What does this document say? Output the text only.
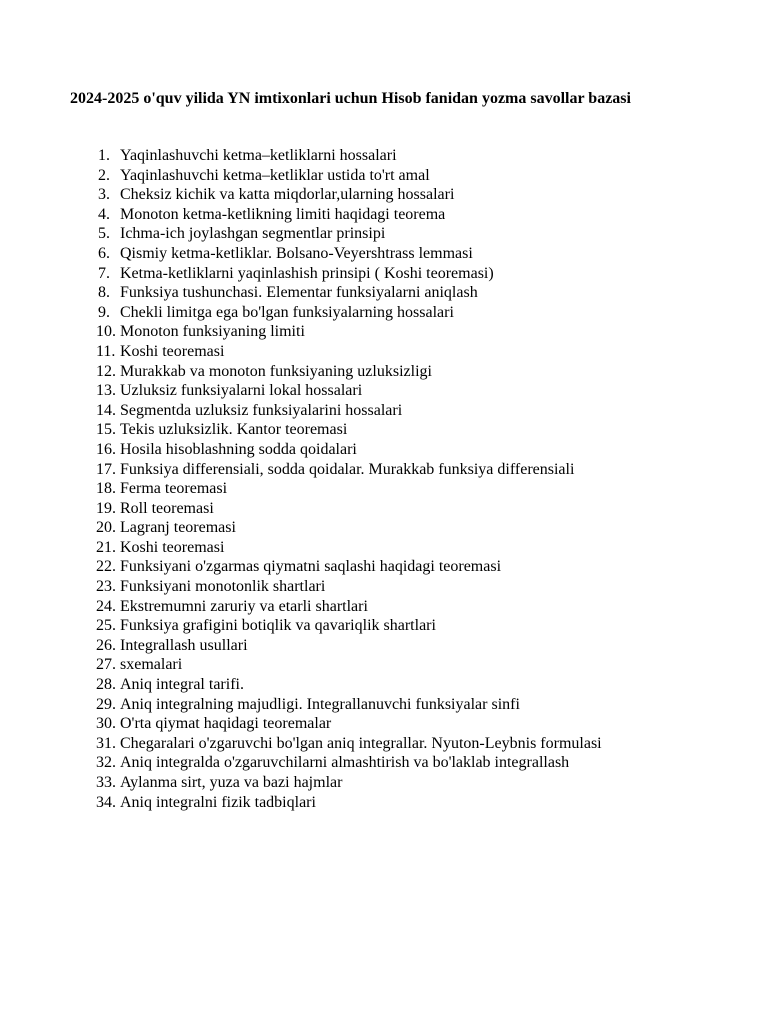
2024-2025 o'quv yilida YN imtixonlari uchun Hisob fanidan yozma savollar bazasi

1. Yaqinlashuvchi ketma–ketliklarni hossalari
2. Yaqinlashuvchi ketma–ketliklar ustida to'rt amal
3. Cheksiz kichik va katta miqdorlar,ularning hossalari
4. Monoton ketma-ketlikning limiti haqidagi teorema
5. Ichma-ich joylashgan segmentlar prinsipi
6. Qismiy ketma-ketliklar. Bolsano-Veyershtrass lemmasi
7. Ketma-ketliklarni yaqinlashish prinsipi ( Koshi teoremasi)
8. Funksiya tushunchasi. Elementar funksiyalarni aniqlash
9. Chekli limitga ega bo'lgan funksiyalarning hossalari
10. Monoton funksiyaning limiti
11. Koshi teoremasi
12. Murakkab va monoton funksiyaning uzluksizligi
13. Uzluksiz funksiyalarni lokal hossalari
14. Segmentda uzluksiz funksiyalarini hossalari
15. Tekis uzluksizlik. Kantor teoremasi
16. Hosila hisoblashning sodda qoidalari
17. Funksiya differensiali, sodda qoidalar. Murakkab funksiya differensiali
18. Ferma teoremasi
19. Roll teoremasi
20. Lagranj teoremasi
21. Koshi teoremasi
22. Funksiyani o'zgarmas qiymatni saqlashi haqidagi teoremasi
23. Funksiyani monotonlik shartlari
24. Ekstremumni zaruriy va etarli shartlari
25. Funksiya grafigini botiqlik va qavariqlik shartlari
26. Integrallash usullari
27. sxemalari
28. Aniq integral tarifi.
29. Aniq integralning majudligi. Integrallanuvchi funksiyalar sinfi
30. O'rta qiymat haqidagi teoremalar
31. Chegaralari o'zgaruvchi bo'lgan aniq integrallar. Nyuton-Leybnis formulasi
32. Aniq integralda o'zgaruvchilarni almashtirish va bo'laklab integrallash
33. Aylanma sirt, yuza va bazi hajmlar
34. Aniq integralni fizik tadbiqlari
